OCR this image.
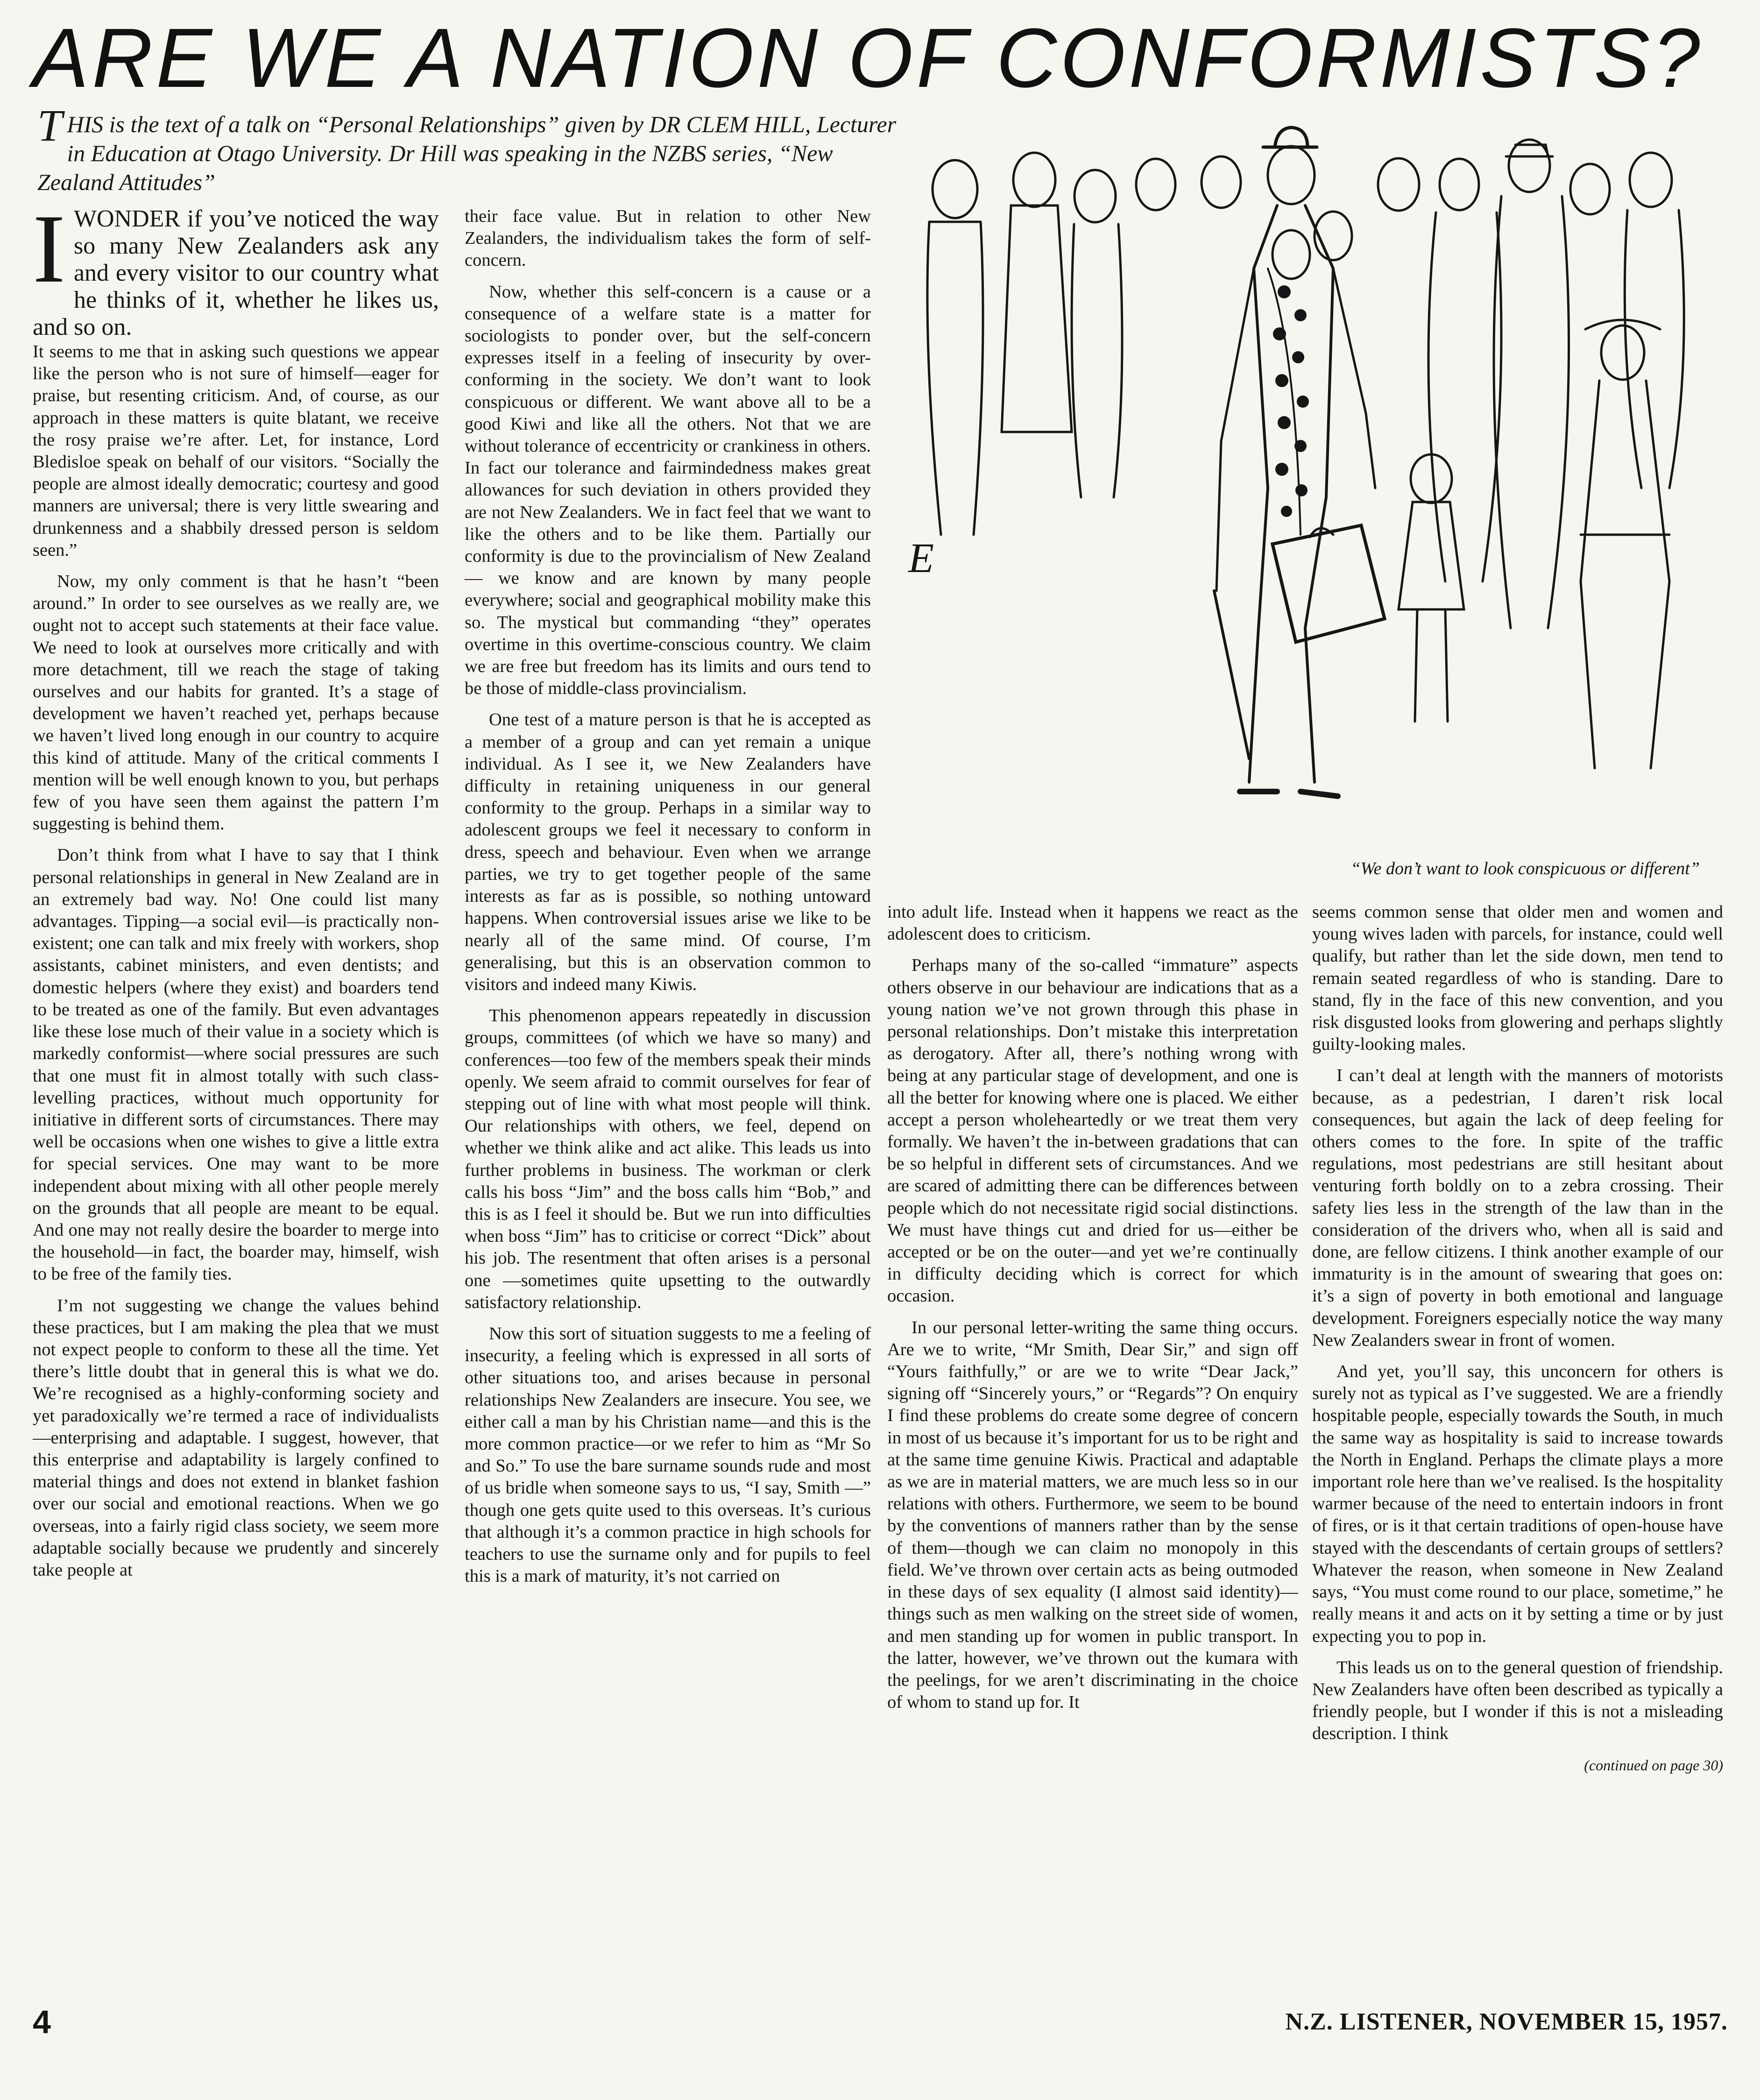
ARE WE A NATION OF CONFORMISTS?

THIS is the text of a talk on “Personal Relationships” given by DR CLEM HILL, Lecturer in Education at Otago University. Dr Hill was speaking in the NZBS series, “New Zealand Attitudes”

IWONDER if you’ve noticed the way so many New Zealanders ask any and every visitor to our country what he thinks of it, whether he likes us, and so on.

It seems to me that in asking such questions we appear like the person who is not sure of himself—eager for praise, but resenting criticism. And, of course, as our approach in these matters is quite blatant, we receive the rosy praise we’re after. Let, for instance, Lord Bledisloe speak on behalf of our visitors. “Socially the people are almost ideally democratic; courtesy and good manners are universal; there is very little swearing and drunkenness and a shabbily dressed person is seldom seen.”

Now, my only comment is that he hasn’t “been around.” In order to see ourselves as we really are, we ought not to accept such statements at their face value. We need to look at ourselves more critically and with more detachment, till we reach the stage of taking ourselves and our habits for granted. It’s a stage of development we haven’t reached yet, perhaps because we haven’t lived long enough in our country to acquire this kind of attitude. Many of the critical comments I mention will be well enough known to you, but perhaps few of you have seen them against the pattern I’m suggesting is behind them.

Don’t think from what I have to say that I think personal relationships in general in New Zealand are in an extremely bad way. No! One could list many advantages. Tipping—a social evil—is practically non-existent; one can talk and mix freely with workers, shop assistants, cabinet ministers, and even dentists; and domestic helpers (where they exist) and boarders tend to be treated as one of the family. But even advantages like these lose much of their value in a society which is markedly conformist—where social pressures are such that one must fit in almost totally with such class-levelling practices, without much opportunity for initiative in different sorts of circumstances. There may well be occasions when one wishes to give a little extra for special services. One may want to be more independent about mixing with all other people merely on the grounds that all people are meant to be equal. And one may not really desire the boarder to merge into the household—in fact, the boarder may, himself, wish to be free of the family ties.

I’m not suggesting we change the values behind these practices, but I am making the plea that we must not expect people to conform to these all the time. Yet there’s little doubt that in general this is what we do. We’re recognised as a highly-conforming society and yet paradoxically we’re termed a race of individualists—enterprising and adaptable. I suggest, however, that this enterprise and adaptability is largely confined to material things and does not extend in blanket fashion over our social and emotional reactions. When we go overseas, into a fairly rigid class society, we seem more adaptable socially because we prudently and sincerely take people at

their face value. But in relation to other New Zealanders, the individualism takes the form of self-concern.

Now, whether this self-concern is a cause or a consequence of a welfare state is a matter for sociologists to ponder over, but the self-concern expresses itself in a feeling of insecurity by over-conforming in the society. We don’t want to look conspicuous or different. We want above all to be a good Kiwi and like all the others. Not that we are without tolerance of eccentricity or crankiness in others. In fact our tolerance and fairmindedness makes great allowances for such deviation in others provided they are not New Zealanders. We in fact feel that we want to like the others and to be like them. Partially our conformity is due to the provincialism of New Zealand — we know and are known by many people everywhere; social and geographical mobility make this so. The mystical but commanding “they” operates overtime in this overtime-conscious country. We claim we are free but freedom has its limits and ours tend to be those of middle-class provincialism.

One test of a mature person is that he is accepted as a member of a group and can yet remain a unique individual. As I see it, we New Zealanders have difficulty in retaining uniqueness in our general conformity to the group. Perhaps in a similar way to adolescent groups we feel it necessary to conform in dress, speech and behaviour. Even when we arrange parties, we try to get together people of the same interests as far as is possible, so nothing untoward happens. When controversial issues arise we like to be nearly all of the same mind. Of course, I’m generalising, but this is an observation common to visitors and indeed many Kiwis.

This phenomenon appears repeatedly in discussion groups, committees (of which we have so many) and conferences—too few of the members speak their minds openly. We seem afraid to commit ourselves for fear of stepping out of line with what most people will think. Our relationships with others, we feel, depend on whether we think alike and act alike. This leads us into further problems in business. The workman or clerk calls his boss “Jim” and the boss calls him “Bob,” and this is as I feel it should be. But we run into difficulties when boss “Jim” has to criticise or correct “Dick” about his job. The resentment that often arises is a personal one —sometimes quite upsetting to the outwardly satisfactory relationship.

Now this sort of situation suggests to me a feeling of insecurity, a feeling which is expressed in all sorts of other situations too, and arises because in personal relationships New Zealanders are insecure. You see, we either call a man by his Christian name—and this is the more common practice—or we refer to him as “Mr So and So.” To use the bare surname sounds rude and most of us bridle when someone says to us, “I say, Smith —” though one gets quite used to this overseas. It’s curious that although it’s a common practice in high schools for teachers to use the surname only and for pupils to feel this is a mark of maturity, it’s not carried on

E

“We don’t want to look conspicuous or different”

into adult life. Instead when it happens we react as the adolescent does to criticism.

Perhaps many of the so-called “immature” aspects others observe in our behaviour are indications that as a young nation we’ve not grown through this phase in personal relationships. Don’t mistake this interpretation as derogatory. After all, there’s nothing wrong with being at any particular stage of development, and one is all the better for knowing where one is placed. We either accept a person wholeheartedly or we treat them very formally. We haven’t the in-between gradations that can be so helpful in different sets of circumstances. And we are scared of admitting there can be differences between people which do not necessitate rigid social distinctions. We must have things cut and dried for us—either be accepted or be on the outer—and yet we’re continually in difficulty deciding which is correct for which occasion.

In our personal letter-writing the same thing occurs. Are we to write, “Mr Smith, Dear Sir,” and sign off “Yours faithfully,” or are we to write “Dear Jack,” signing off “Sincerely yours,” or “Regards”? On enquiry I find these problems do create some degree of concern in most of us because it’s important for us to be right and at the same time genuine Kiwis. Practical and adaptable as we are in material matters, we are much less so in our relations with others. Furthermore, we seem to be bound by the conventions of manners rather than by the sense of them—though we can claim no monopoly in this field. We’ve thrown over certain acts as being outmoded in these days of sex equality (I almost said identity)—things such as men walking on the street side of women, and men standing up for women in public transport. In the latter, however, we’ve thrown out the kumara with the peelings, for we aren’t discriminating in the choice of whom to stand up for. It

seems common sense that older men and women and young wives laden with parcels, for instance, could well qualify, but rather than let the side down, men tend to remain seated regardless of who is standing. Dare to stand, fly in the face of this new convention, and you risk disgusted looks from glowering and perhaps slightly guilty-looking males.

I can’t deal at length with the manners of motorists because, as a pedestrian, I daren’t risk local consequences, but again the lack of deep feeling for others comes to the fore. In spite of the traffic regulations, most pedestrians are still hesitant about venturing forth boldly on to a zebra crossing. Their safety lies less in the strength of the law than in the consideration of the drivers who, when all is said and done, are fellow citizens. I think another example of our immaturity is in the amount of swearing that goes on: it’s a sign of poverty in both emotional and language development. Foreigners especially notice the way many New Zealanders swear in front of women.

And yet, you’ll say, this unconcern for others is surely not as typical as I’ve suggested. We are a friendly hospitable people, especially towards the South, in much the same way as hospitality is said to increase towards the North in England. Perhaps the climate plays a more important role here than we’ve realised. Is the hospitality warmer because of the need to entertain indoors in front of fires, or is it that certain traditions of open-house have stayed with the descendants of certain groups of settlers? Whatever the reason, when someone in New Zealand says, “You must come round to our place, sometime,” he really means it and acts on it by setting a time or by just expecting you to pop in.

This leads us on to the general question of friendship. New Zealanders have often been described as typically a friendly people, but I wonder if this is not a misleading description. I think

(continued on page 30)

4	N.Z. LISTENER, NOVEMBER 15, 1957.
